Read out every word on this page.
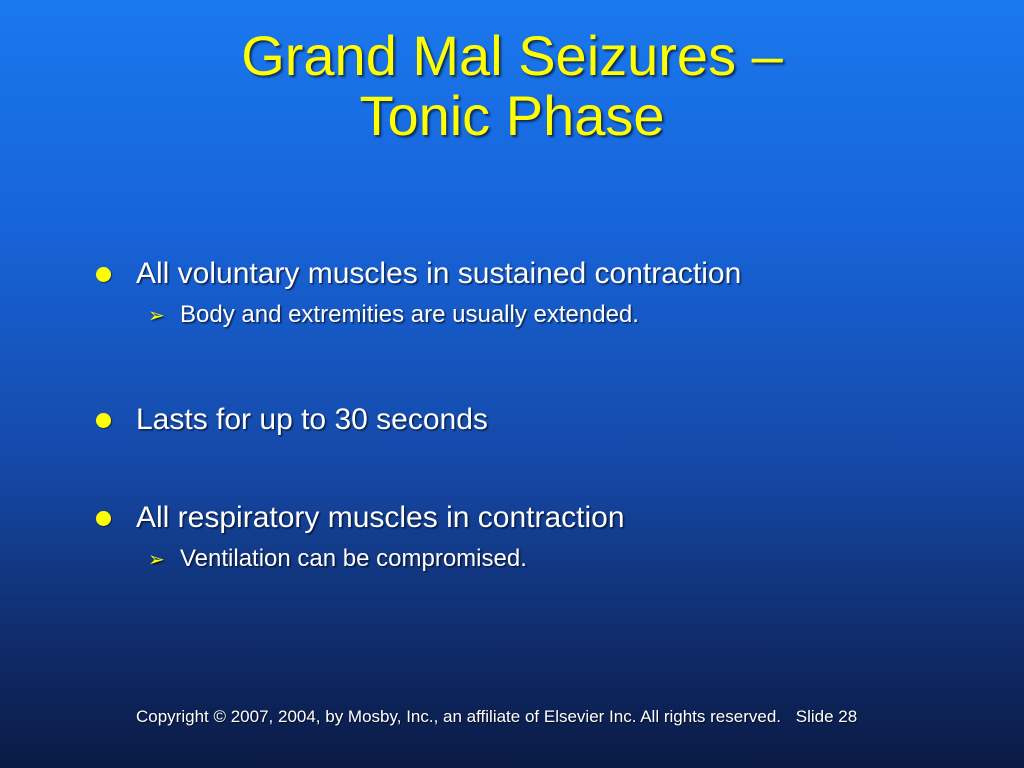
Grand Mal Seizures –
Tonic Phase
All voluntary muscles in sustained contraction
➢ Body and extremities are usually extended.
Lasts for up to 30 seconds
All respiratory muscles in contraction
➢ Ventilation can be compromised.
Copyright © 2007, 2004, by Mosby, Inc., an affiliate of Elsevier Inc. All rights reserved. Slide 28
